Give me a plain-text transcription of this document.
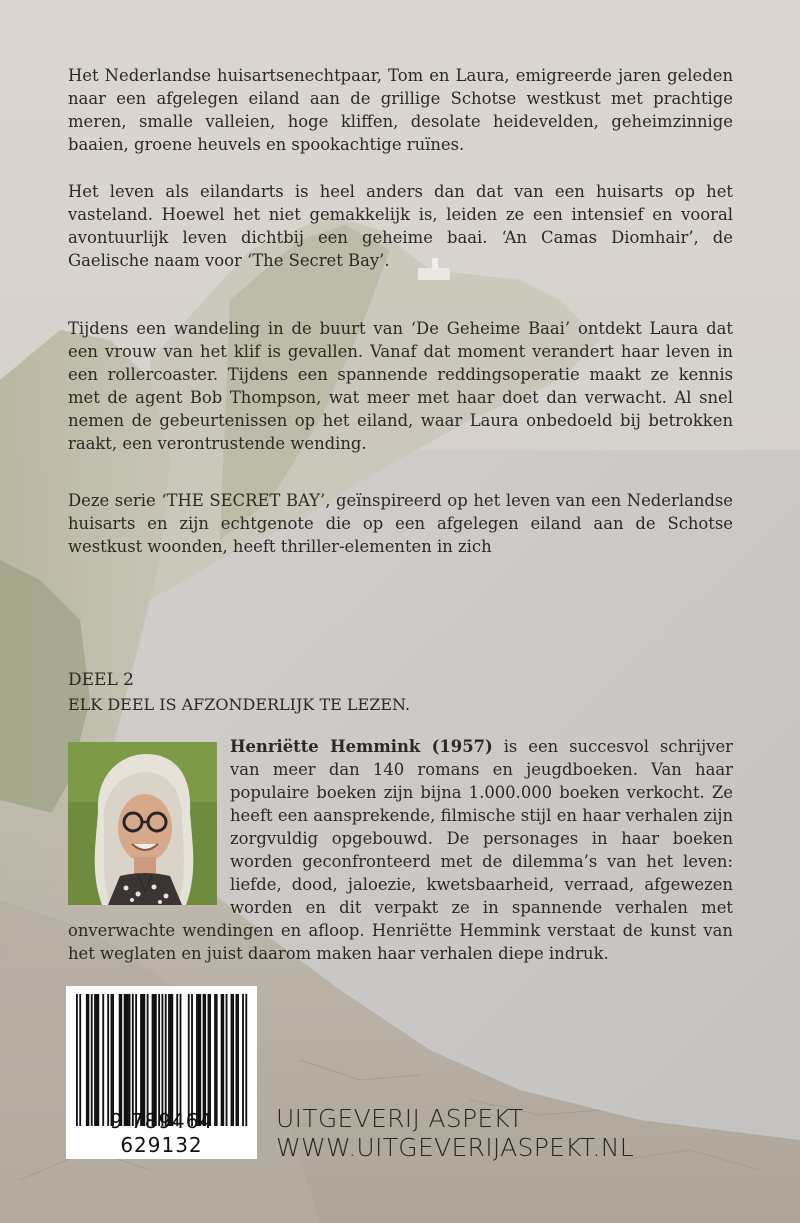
Het Nederlandse huisartsenechtpaar, Tom en Laura, emigreerde jaren geleden naar een afgelegen eiland aan de grillige Schotse westkust met prachtige meren, smalle valleien, hoge kliffen, desolate heidevelden, geheimzinnige baaien, groene heuvels en spookachtige ruïnes.

Het leven als eilandarts is heel anders dan dat van een huisarts op het vasteland. Hoewel het niet gemakkelijk is, leiden ze een intensief en vooral avontuurlijk leven dichtbij een geheime baai. ‘An Camas Diomhair’, de Gaelische naam voor ‘The Secret Bay’.

Tijdens een wandeling in de buurt van ‘De Geheime Baai’ ontdekt Laura dat een vrouw van het klif is gevallen. Vanaf dat moment verandert haar leven in een rollercoaster. Tijdens een spannende reddingsoperatie maakt ze kennis met de agent Bob Thompson, wat meer met haar doet dan verwacht. Al snel nemen de gebeurtenissen op het eiland, waar Laura onbedoeld bij betrokken raakt, een verontrustende wending.

Deze serie ‘THE SECRET BAY’, geïnspireerd op het leven van een Nederlandse huisarts en zijn echtgenote die op een afgelegen eiland aan de Schotse westkust woonden, heeft thriller-elementen in zich

DEEL 2
ELK DEEL IS AFZONDERLIJK TE LEZEN.
Henriëtte Hemmink (1957) is een succesvol schrijver van meer dan 140 romans en jeugdboeken. Van haar populaire boeken zijn bijna 1.000.000 boeken verkocht. Ze heeft een aansprekende, filmische stijl en haar verhalen zijn zorgvuldig opgebouwd. De personages in haar boeken worden geconfronteerd met de dilemma’s van het leven: liefde, dood, jaloezie, kwetsbaarheid, verraad, afgewezen worden en dit verpakt ze in spannende verhalen met onverwachte wendingen en afloop. Henriëtte Hemmink verstaat de kunst van het weglaten en juist daarom maken haar verhalen diepe indruk.
9 789464 629132
UITGEVERIJ ASPEKT
WWW.UITGEVERIJASPEKT.NL
